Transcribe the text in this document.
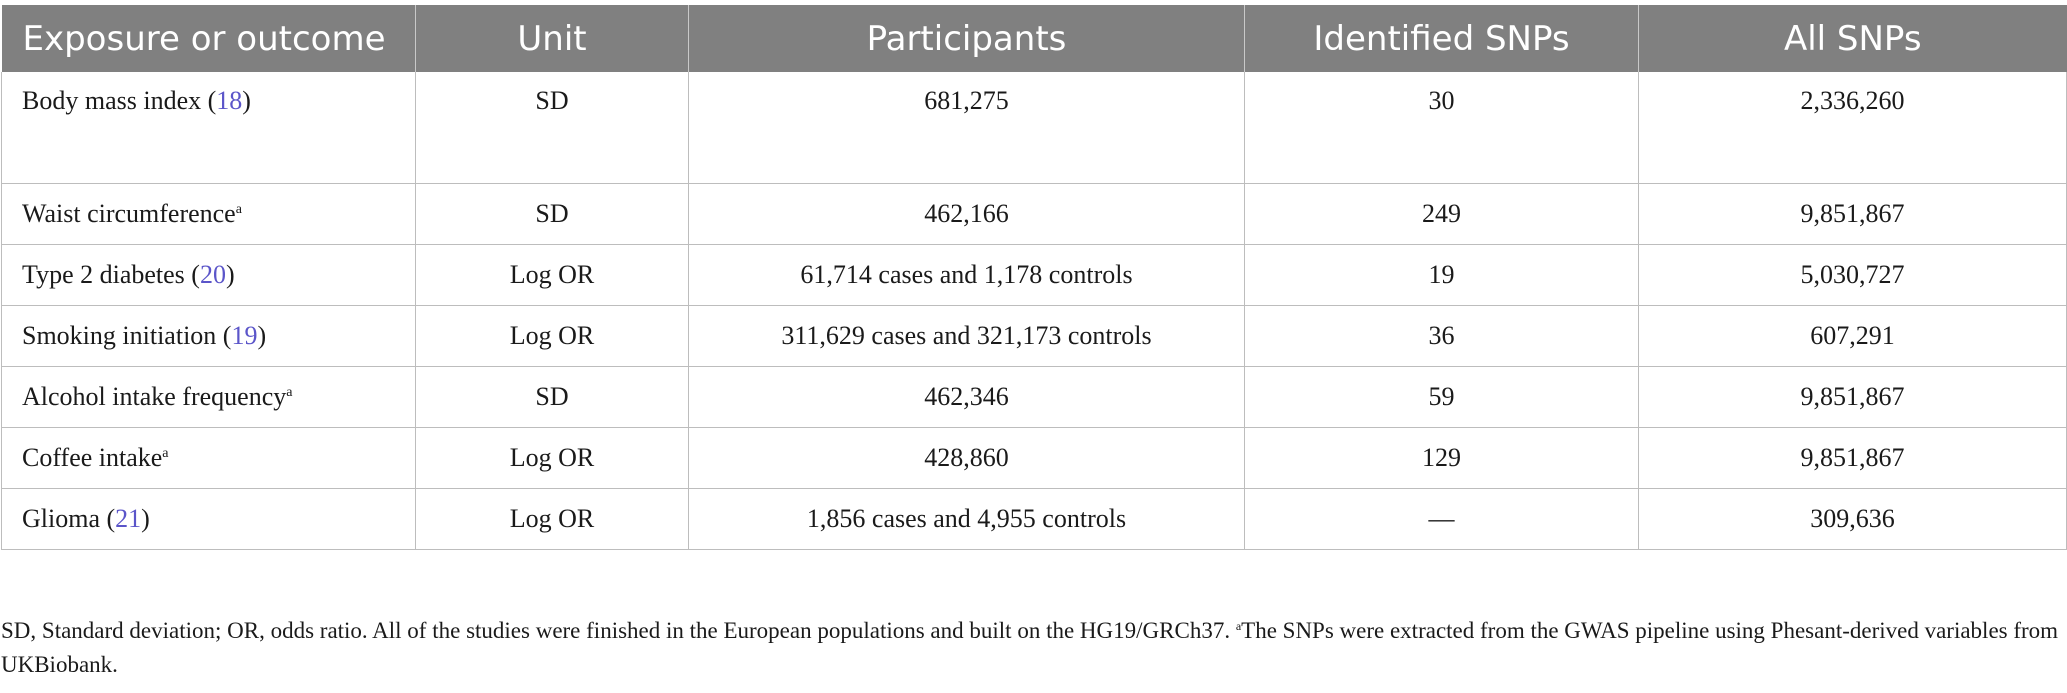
Exposure or outcome	Unit	Participants	Identified SNPs	All SNPs
Body mass index (18)	SD	681,275	30	2,336,260
Waist circumference$^a$	SD	462,166	249	9,851,867
Type 2 diabetes (20)	Log OR	61,714 cases and 1,178 controls	19	5,030,727
Smoking initiation (19)	Log OR	311,629 cases and 321,173 controls	36	607,291
Alcohol intake frequency$^a$	SD	462,346	59	9,851,867
Coffee intake$^a$	Log OR	428,860	129	9,851,867
Glioma (21)	Log OR	1,856 cases and 4,955 controls	—	309,636

SD, Standard deviation; OR, odds ratio. All of the studies were finished in the European populations and built on the HG19/GRCh37. $^a$The SNPs were extracted from the GWAS pipeline using Phesant-derived variables from UKBiobank.
